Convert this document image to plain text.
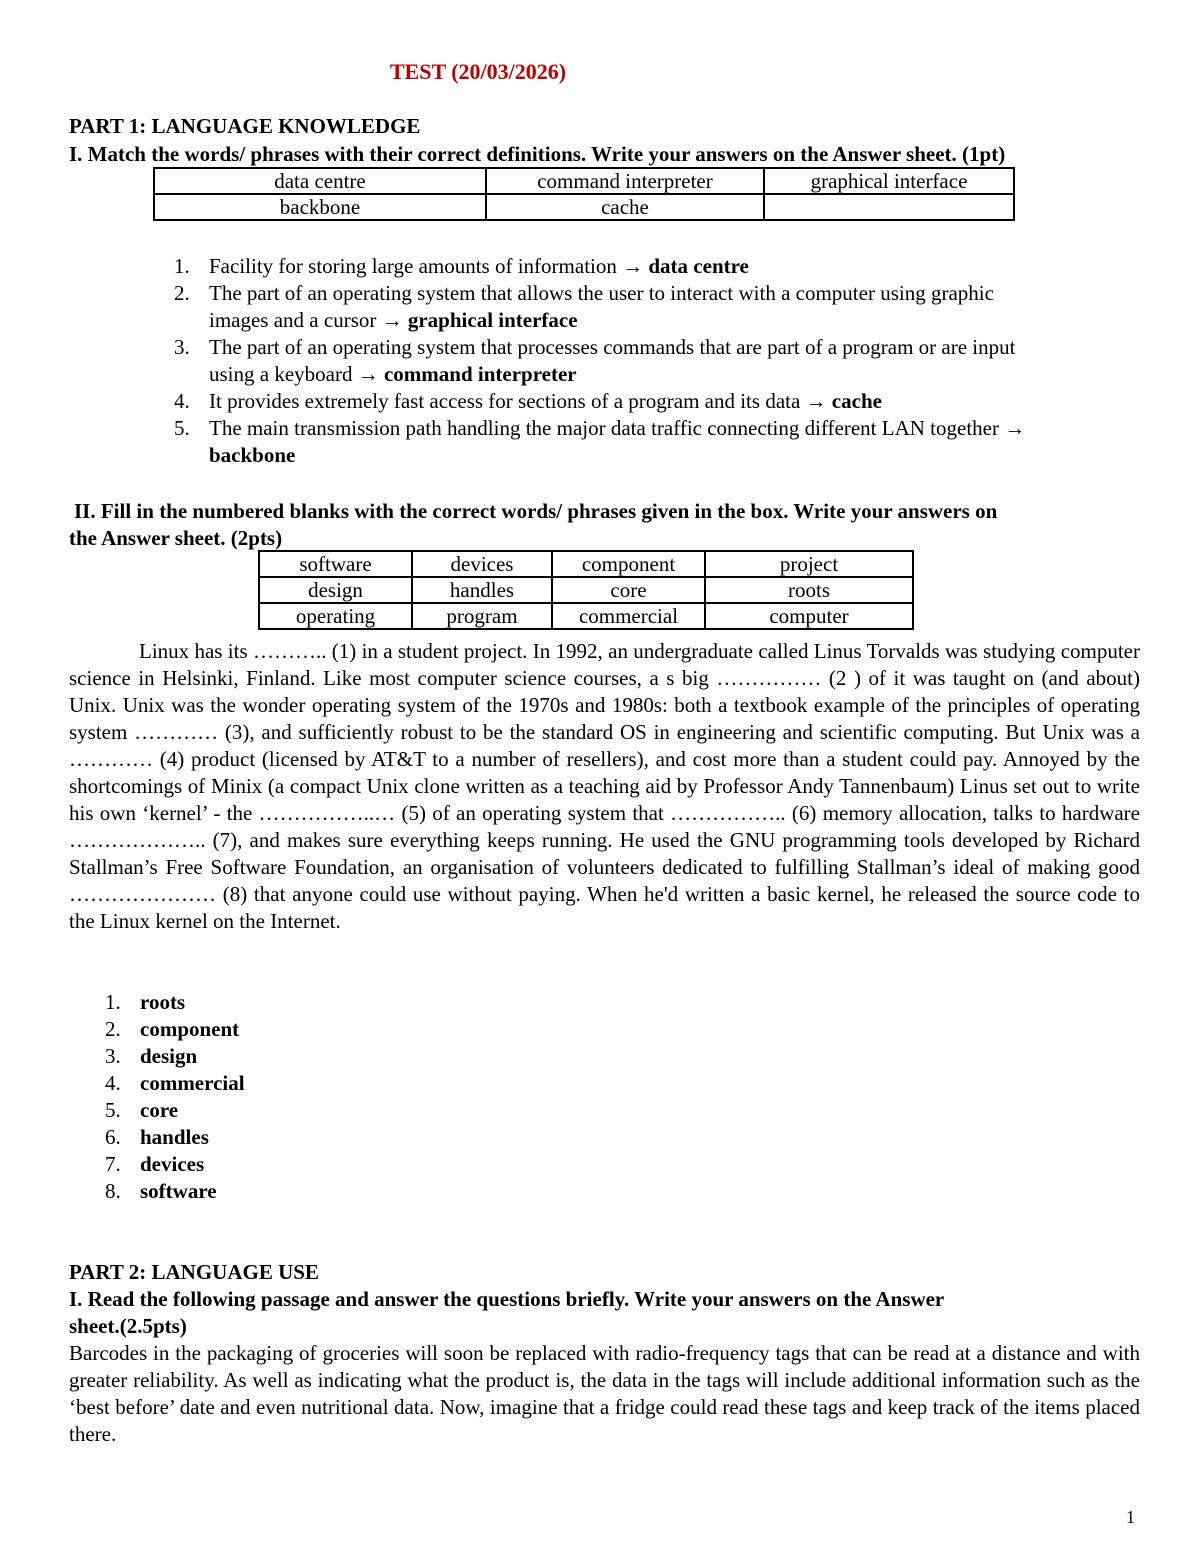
TEST (20/03/2026)
PART 1: LANGUAGE KNOWLEDGE
I. Match the words/ phrases with their correct definitions. Write your answers on the Answer sheet. (1pt)
data centre	command interpreter	graphical interface
backbone	cache	
1. Facility for storing large amounts of information → data centre
2. The part of an operating system that allows the user to interact with a computer using graphic
images and a cursor → graphical interface
3. The part of an operating system that processes commands that are part of a program or are input
using a keyboard → command interpreter
4. It provides extremely fast access for sections of a program and its data → cache
5. The main transmission path handling the major data traffic connecting different LAN together →
backbone
II. Fill in the numbered blanks with the correct words/ phrases given in the box. Write your answers on
the Answer sheet. (2pts)
software	devices	component	project
design	handles	core	roots
operating	program	commercial	computer

Linux has its ……….. (1) in a student project. In 1992, an undergraduate called Linus Torvalds was studying computer science in Helsinki, Finland. Like most computer science courses, a s big …………… (2 ) of it was taught on (and about) Unix. Unix was the wonder operating system of the 1970s and 1980s: both a textbook example of the principles of operating system ………… (3), and sufficiently robust to be the standard OS in engineering and scientific computing. But Unix was a ………… (4) product (licensed by AT&T to a number of resellers), and cost more than a student could pay. Annoyed by the shortcomings of Minix (a compact Unix clone written as a teaching aid by Professor Andy Tannenbaum) Linus set out to write his own ‘kernel’ - the ……………..… (5) of an operating system that …………….. (6) memory allocation, talks to hardware ……………….. (7), and makes sure everything keeps running. He used the GNU programming tools developed by Richard Stallman’s Free Software Foundation, an organisation of volunteers dedicated to fulfilling Stallman’s ideal of making good ………………… (8) that anyone could use without paying. When he'd written a basic kernel, he released the source code to the Linux kernel on the Internet.

1. roots
2. component
3. design
4. commercial
5. core
6. handles
7. devices
8. software
PART 2: LANGUAGE USE
I. Read the following passage and answer the questions briefly. Write your answers on the Answer
sheet.(2.5pts)

Barcodes in the packaging of groceries will soon be replaced with radio-frequency tags that can be read at a distance and with greater reliability. As well as indicating what the product is, the data in the tags will include additional information such as the ‘best before’ date and even nutritional data. Now, imagine that a fridge could read these tags and keep track of the items placed there.

1
